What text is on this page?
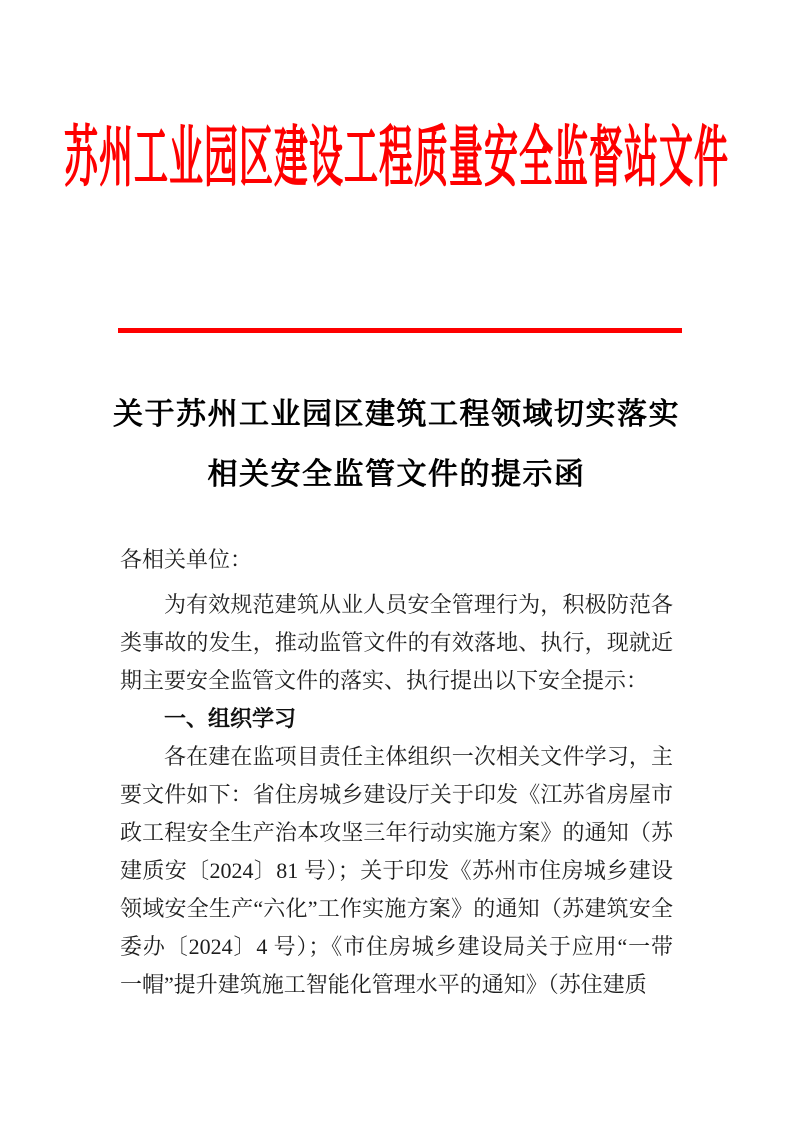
苏州工业园区建设工程质量安全监督站文件
关于苏州工业园区建筑工程领域切实落实
相关安全监管文件的提示函

各相关单位：

为有效规范建筑从业人员安全管理行为，积极防范各类事故的发生，推动监管文件的有效落地、执行，现就近期主要安全监管文件的落实、执行提出以下安全提示：

一、组织学习

各在建在监项目责任主体组织一次相关文件学习，主要文件如下：省住房城乡建设厅关于印发《江苏省房屋市政工程安全生产治本攻坚三年行动实施方案》的通知（苏建质安〔2024〕81 号）；关于印发《苏州市住房城乡建设领域安全生产“六化”工作实施方案》的通知（苏建筑安全委办〔2024〕4 号）；《市住房城乡建设局关于应用“一带一帽”提升建筑施工智能化管理水平的通知》（苏住建质
